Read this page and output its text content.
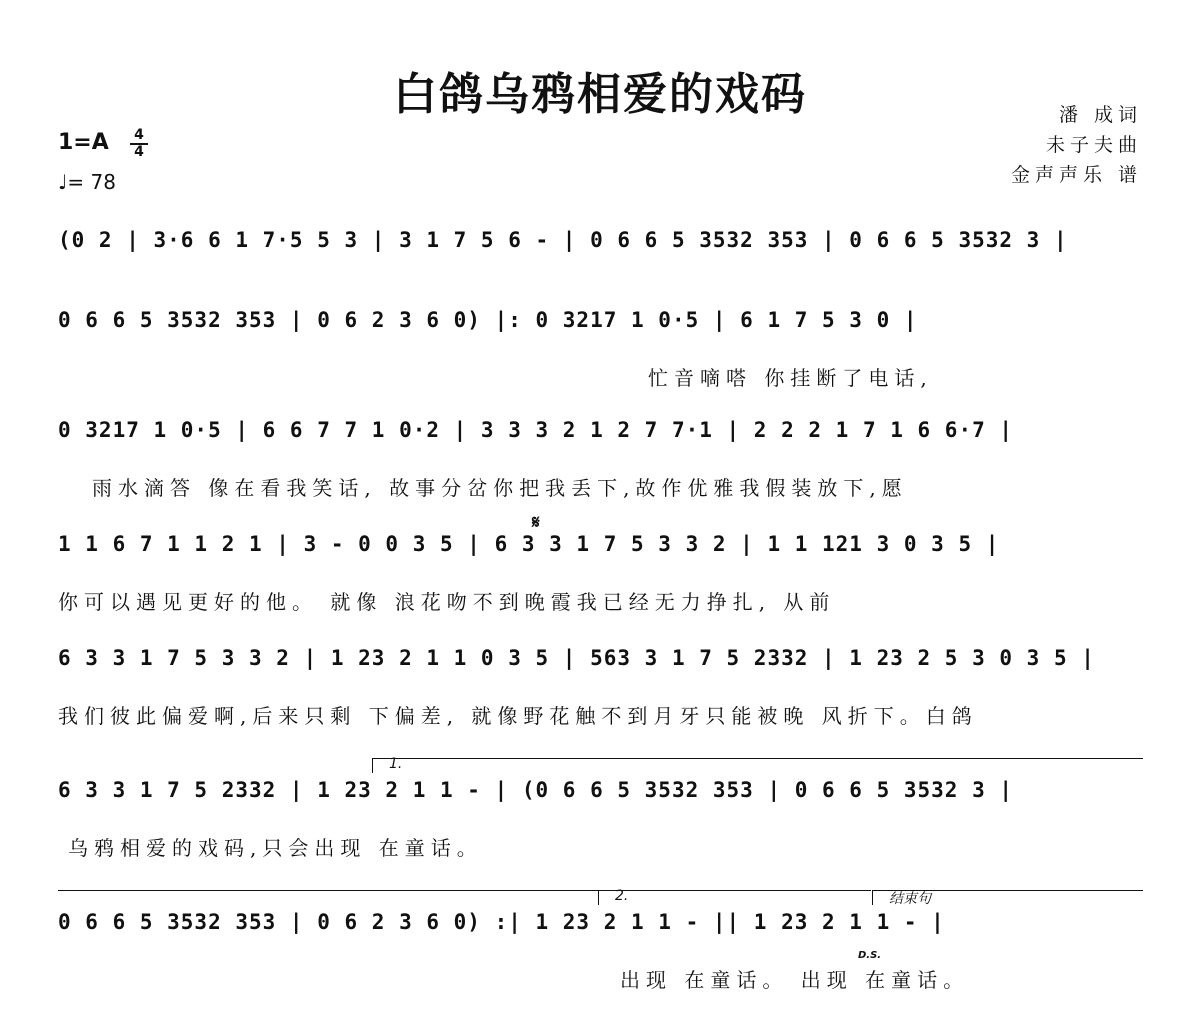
白鸽乌鸦相爱的戏码	潘 成词
未子夫曲
金声声乐 谱
1=A 4
4
♩= 78
(0 2 | 3·6 6 1 7·5 5 3 | 3 1 7 5 6 - | 0 6 6 5 3532 353 | 0 6 6 5 3532 3 |
0 6 6 5 3532 353 | 0 6 2 3 6 0) |: 0 3217 1 0·5 | 6 1 7 5 3 0 |
忙音嘀嗒 你挂断了电话,
0 3217 1 0·5 | 6 6 7 7 1 0·2 | 3 3 3 2 1 2 7 7·1 | 2 2 2 1 7 1 6 6·7 |
雨水滴答 像在看我笑话, 故事分岔你把我丢下,故作优雅我假装放下,愿
𝄋
1 1 6 7 1 1 2 1 | 3 - 0 0 3 5 | 6 3 3 1 7 5 3 3 2 | 1 1 121 3 0 3 5 |
你可以遇见更好的他。 就像 浪花吻不到晚霞我已经无力挣扎, 从前
6 3 3 1 7 5 3 3 2 | 1 23 2 1 1 0 3 5 | 563 3 1 7 5 2332 | 1 23 2 5 3 0 3 5 |
我们彼此偏爱啊,后来只剩 下偏差, 就像野花触不到月牙只能被晚 风折下。白鸽
1.
6 3 3 1 7 5 2332 | 1 23 2 1 1 - | (0 6 6 5 3532 353 | 0 6 6 5 3532 3 |
乌鸦相爱的戏码,只会出现 在童话。
2.	结束句
D.S.
0 6 6 5 3532 353 | 0 6 2 3 6 0) :| 1 23 2 1 1 - || 1 23 2 1 1 - |
出现 在童话。 出现 在童话。
